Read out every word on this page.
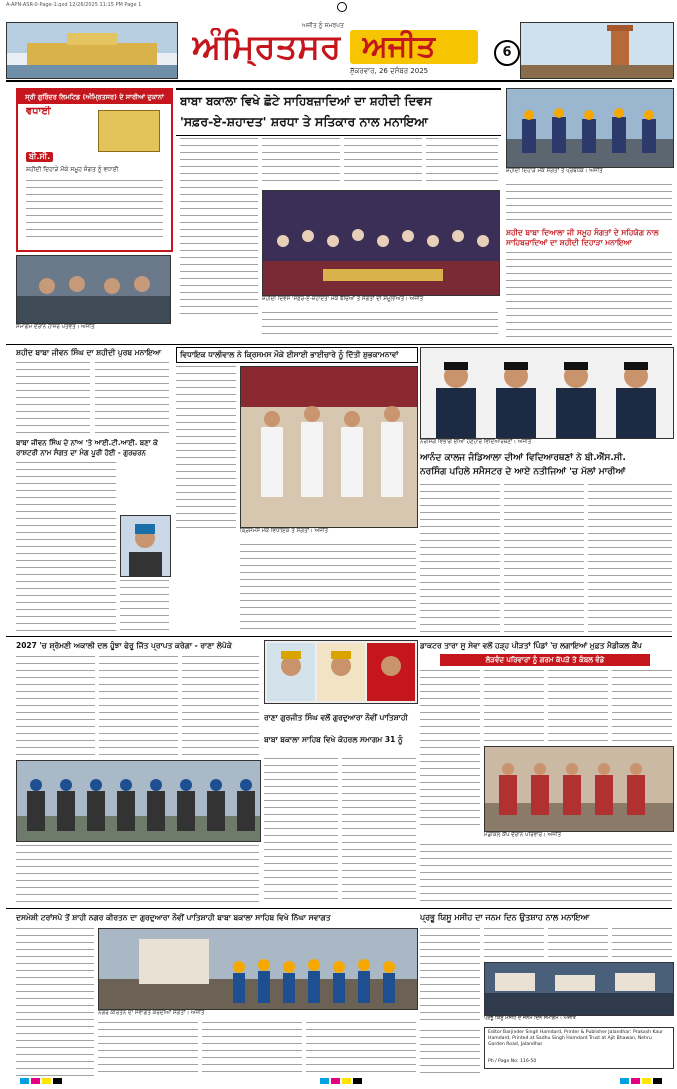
A-APN-ASR-0-Page-1.qxd 12/26/2025 11:15 PM Page 1
ਅਜੀਤ ਨੂੰ ਸਮਰਪਤ
ਅੰਮ੍ਰਿਤਸਰ ਅਜੀਤ
ਸ਼ੁੱਕਰਵਾਰ, 26 ਦਸੰਬਰ 2025
6
ਸ੍ਰੀ ਗੁਰਿੰਦਰ ਲਿਮਟਿਡ (ਅੰਮ੍ਰਿਤਸਰ) ਦੇ ਸਾਰੀਆਂ ਦੁਕਾਨਾਂ
ਵਧਾਈ
ਬੀ.ਸੀ.
ਸ਼ਹੀਦੀ ਦਿਹਾੜੇ ਮੌਕੇ ਸਮੂਹ ਸੰਗਤ ਨੂੰ ਵਧਾਈ
ਸਮਾਗਮ ਦੌਰਾਨ ਹਾਜ਼ਰ ਪਤਵੰਤੇ। ਅਜੀਤ
ਬਾਬਾ ਬਕਾਲਾ ਵਿਖੇ ਛੋਟੇ ਸਾਹਿਬਜ਼ਾਦਿਆਂ ਦਾ ਸ਼ਹੀਦੀ ਦਿਵਸ
'ਸਫ਼ਰ-ਏ-ਸ਼ਹਾਦਤ' ਸ਼ਰਧਾ ਤੇ ਸਤਿਕਾਰ ਨਾਲ ਮਨਾਇਆ
ਸ਼ਹੀਦੀ ਦਿਵਸ 'ਸਫ਼ਰ-ਏ-ਸ਼ਹਾਦਤ' ਮੌਕੇ ਬੱਚਿਆਂ ਤੇ ਸੰਗਤਾਂ ਦੀ ਸ਼ਮੂਲੀਅਤ। ਅਜੀਤ
ਸ਼ਹੀਦੀ ਦਿਹਾੜੇ ਮੌਕੇ ਸੰਗਤਾਂ ਤੇ ਪ੍ਰਬੰਧਕ। ਅਜੀਤ
ਸ਼ਹੀਦ ਬਾਬਾ ਦਿਆਲਾ ਜੀ ਸਮੂਹ ਸੰਗਤਾਂ ਦੇ ਸਹਿਯੋਗ ਨਾਲ ਸਾਹਿਬਜ਼ਾਦਿਆਂ ਦਾ ਸ਼ਹੀਦੀ ਦਿਹਾੜਾ ਮਨਾਇਆ
ਸ਼ਹੀਦ ਬਾਬਾ ਜੀਵਨ ਸਿੰਘ ਦਾ ਸ਼ਹੀਦੀ ਪੁਰਬ ਮਨਾਇਆ
ਬਾਬਾ ਜੀਵਨ ਸਿੰਘ ਦੇ ਨਾਂਅ 'ਤੇ ਆਈ.ਟੀ.ਆਈ. ਬਣਾ ਕੇ ਰਾਸ਼ਟਰੀ ਨਾਮ ਸੰਗਤ ਦਾ ਮੰਗ ਪੂਰੀ ਹੋਈ - ਗੁਰਚਰਨ
ਵਿਧਾਇਕ ਧਾਲੀਵਾਲ ਨੇ ਕ੍ਰਿਸਮਸ ਮੌਕੇ ਈਸਾਈ ਭਾਈਚਾਰੇ ਨੂੰ ਦਿੱਤੀ ਸ਼ੁਭਕਾਮਨਾਵਾਂ
ਕ੍ਰਿਸਮਸ ਮੌਕੇ ਵਿਧਾਇਕ ਤੇ ਸੰਗਤਾਂ। ਅਜੀਤ
ਨਰਸਿੰਗ ਵਿਭਾਗ ਦੀਆਂ ਹੋਣਹਾਰ ਵਿਦਿਆਰਥਣਾਂ। ਅਜੀਤ
ਆਨੰਦ ਕਾਲਜ ਜੰਡਿਆਲਾ ਦੀਆਂ ਵਿਦਿਆਰਥਣਾਂ ਨੇ ਬੀ.ਐੱਸ.ਸੀ.
ਨਰਸਿੰਗ ਪਹਿਲੇ ਸਮੈਸਟਰ ਦੇ ਆਏ ਨਤੀਜਿਆਂ 'ਚ ਮੱਲਾਂ ਮਾਰੀਆਂ
2027 'ਚ ਸ਼੍ਰੋਮਣੀ ਅਕਾਲੀ ਦਲ ਹੂੰਝਾ ਫੇਰੂ ਜਿੱਤ ਪ੍ਰਾਪਤ ਕਰੇਗਾ - ਰਾਣਾ ਲੋਪੋਕੇ
ਰਾਣਾ ਗੁਰਜੀਤ ਸਿੰਘ ਵਲੋਂ ਗੁਰਦੁਆਰਾ ਨੌਵੀਂ ਪਾਤਿਸ਼ਾਹੀ
ਬਾਬਾ ਬਕਾਲਾ ਸਾਹਿਬ ਵਿਖੇ ਕੋਹਰਲ ਸਮਾਗਮ 31 ਨੂੰ
ਡਾਕਟਰ ਤਾਰਾ ਸੂ ਸੇਵਾ ਵਲੋਂ ਹੜ੍ਹ ਪੀੜਤਾਂ ਪਿੰਡਾਂ 'ਚ ਲਗਾਇਆਂ ਮੁਫ਼ਤ ਮੈਡੀਕਲ ਕੈਂਪ
ਲੋੜਵੰਦ ਪਰਿਵਾਰਾਂ ਨੂੰ ਗਰਮ ਕੱਪੜੇ ਤੇ ਕੰਬਲ ਵੰਡੇ
ਮੈਡੀਕਲ ਕੈਂਪ ਦੌਰਾਨ ਪਰਿਵਾਰ। ਅਜੀਤ
ਦਸਮੇਸ਼ੀ ਟਰਾਂਸਪੋ ਤੋਂ ਸ਼ਾਹੀ ਨਗਰ ਕੀਰਤਨ ਦਾ ਗੁਰਦੁਆਰਾ ਨੌਵੀਂ ਪਾਤਿਸ਼ਾਹੀ ਬਾਬਾ ਬਕਾਲਾ ਸਾਹਿਬ ਵਿਖੇ ਨਿੱਘਾ ਸਵਾਗਤ
ਨਗਰ ਕੀਰਤਨ ਦਾ ਸਵਾਗਤ ਕਰਦੀਆਂ ਸੰਗਤਾਂ। ਅਜੀਤ
ਪ੍ਰਭੂ ਯਿਸੂ ਮਸੀਹ ਦਾ ਜਨਮ ਦਿਨ ਉਤਸ਼ਾਹ ਨਾਲ ਮਨਾਇਆ
ਪ੍ਰਭੂ ਯਿਸੂ ਮਸੀਹ ਦੇ ਜਨਮ ਦਿਨ ਸਮਾਗਮ। ਅਜੀਤ
Editor Barjinder Singh Hamdard, Printer & Publisher Jalandhar: Prakash Kaur Hamdard, Printed at Sadhu Singh Hamdard Trust at Ajit Bhawan, Nehru Garden Road, Jalandhar
Ph / Page No: 116-50
